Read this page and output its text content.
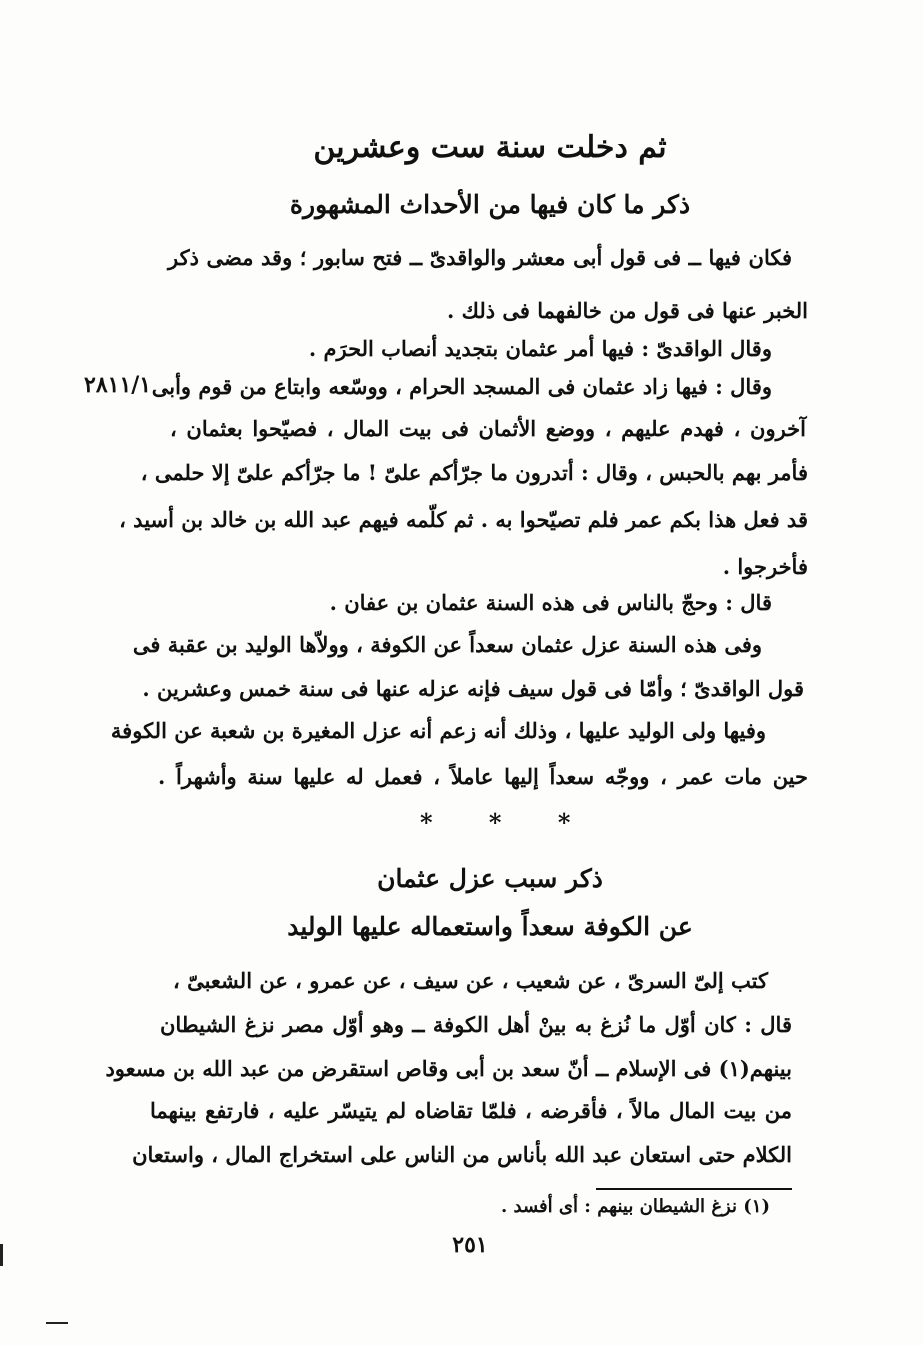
ثم دخلت سنة ست وعشرين
ذكر ما كان فيها من الأحداث المشهورة
٢٨١١/١
فكان فيها ــ فى قول أبى معشر والواقدىّ ــ فتح سابور ؛ وقد مضى ذكر
الخبر عنها فى قول من خالفهما فى ذلك .
وقال الواقدىّ : فيها أمر عثمان بتجديد أنصاب الحرَم .
وقال : فيها زاد عثمان فى المسجد الحرام ، ووسّعه وابتاع من قوم وأبى
آخرون ، فهدم عليهم ، ووضع الأثمان فى بيت المال ، فصيّحوا بعثمان ،
فأمر بهم بالحبس ، وقال : أتدرون ما جرّأكم علىّ ! ما جرّأكم علىّ إلا حلمى ،
قد فعل هذا بكم عمر فلم تصيّحوا به . ثم كلّمه فيهم عبد الله بن خالد بن أسيد ،
فأخرجوا .
قال : وحجّ بالناس فى هذه السنة عثمان بن عفان .
وفى هذه السنة عزل عثمان سعداً عن الكوفة ، وولاّها الوليد بن عقبة فى
قول الواقدىّ ؛ وأمّا فى قول سيف فإنه عزله عنها فى سنة خمس وعشرين .
وفيها ولى الوليد عليها ، وذلك أنه زعم أنه عزل المغيرة بن شعبة عن الكوفة
حين مات عمر ، ووجّه سعداً إليها عاملاً ، فعمل له عليها سنة وأشهراً .
* * *
ذكر سبب عزل عثمان
عن الكوفة سعداً واستعماله عليها الوليد
كتب إلىّ السرىّ ، عن شعيب ، عن سيف ، عن عمرو ، عن الشعبىّ ،
قال : كان أوّل ما نُزغ به بينْ أهل الكوفة ــ وهو أوّل مصر نزغ الشيطان
بينهم(١) فى الإسلام ــ أنّ سعد بن أبى وقاص استقرض من عبد الله بن مسعود
من بيت المال مالاً ، فأقرضه ، فلمّا تقاضاه لم يتيسّر عليه ، فارتفع بينهما
الكلام حتى استعان عبد الله بأناس من الناس على استخراج المال ، واستعان
(١) نزغ الشيطان بينهم : أى أفسد .
٢٥١
